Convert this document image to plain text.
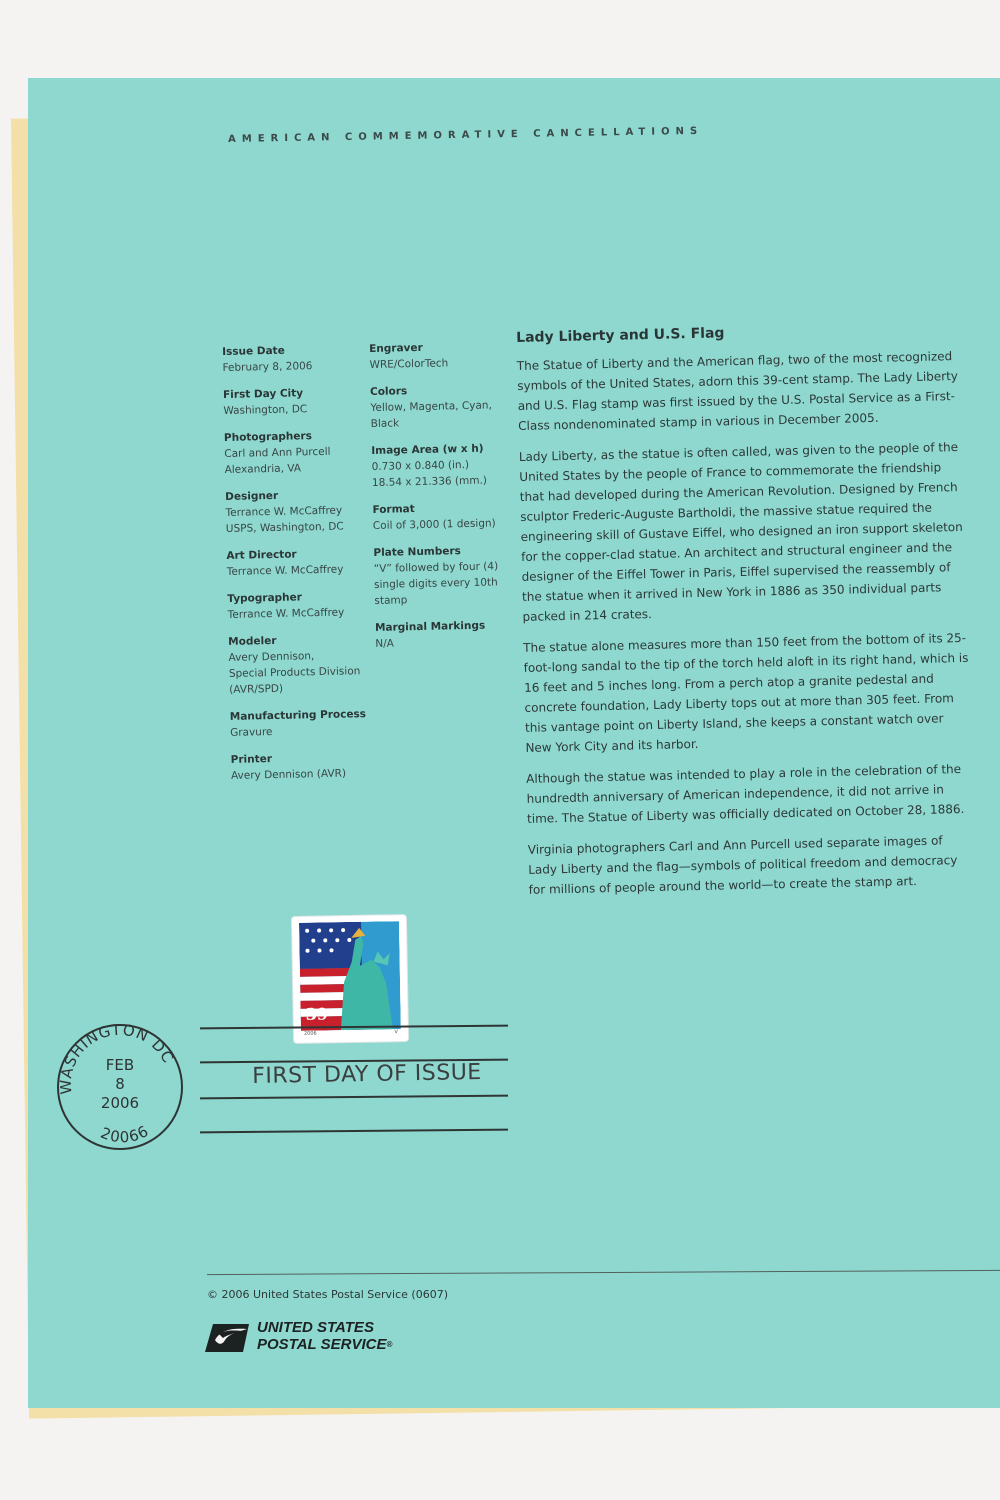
AMERICAN COMMEMORATIVE CANCELLATIONS
Issue Date
February 8, 2006
First Day City
Washington, DC
Photographers
Carl and Ann Purcell
Alexandria, VA
Designer
Terrance W. McCaffrey
USPS, Washington, DC
Art Director
Terrance W. McCaffrey
Typographer
Terrance W. McCaffrey
Modeler
Avery Dennison,
Special Products Division
(AVR/SPD)
Manufacturing Process
Gravure
Printer
Avery Dennison (AVR)
Engraver
WRE/ColorTech
Colors
Yellow, Magenta, Cyan,
Black
Image Area (w x h)
0.730 x 0.840 (in.)
18.54 x 21.336 (mm.)
Format
Coil of 3,000 (1 design)
Plate Numbers
“V” followed by four (4)
single digits every 10th
stamp
Marginal Markings
N/A
Lady Liberty and U.S. Flag

The Statue of Liberty and the American flag, two of the most recognized symbols of the United States, adorn this 39-cent stamp. The Lady Liberty and U.S. Flag stamp was first issued by the U.S. Postal Service as a First-Class nondenominated stamp in various in December 2005.

Lady Liberty, as the statue is often called, was given to the people of the United States by the people of France to commemorate the friendship that had developed during the American Revolution. Designed by French sculptor Frederic-Auguste Bartholdi, the massive statue required the engineering skill of Gustave Eiffel, who designed an iron support skeleton for the copper-clad statue. An architect and structural engineer and the designer of the Eiffel Tower in Paris, Eiffel supervised the reassembly of the statue when it arrived in New York in 1886 as 350 individual parts packed in 214 crates.

The statue alone measures more than 150 feet from the bottom of its 25-foot-long sandal to the tip of the torch held aloft in its right hand, which is 16 feet and 5 inches long. From a perch atop a granite pedestal and concrete foundation, Lady Liberty tops out at more than 305 feet. From this vantage point on Liberty Island, she keeps a constant watch over New York City and its harbor.

Although the statue was intended to play a role in the celebration of the hundredth anniversary of American independence, it did not arrive in time. The Statue of Liberty was officially dedicated on October 28, 1886.

Virginia photographers Carl and Ann Purcell used separate images of Lady Liberty and the flag—symbols of political freedom and democracy for millions of people around the world—to create the stamp art.

39
2006	V
FIRST DAY OF ISSUE
WASHINGTON DC
20066
FEB
8
2006
© 2006 United States Postal Service (0607)
UNITED STATES
POSTAL SERVICE®
